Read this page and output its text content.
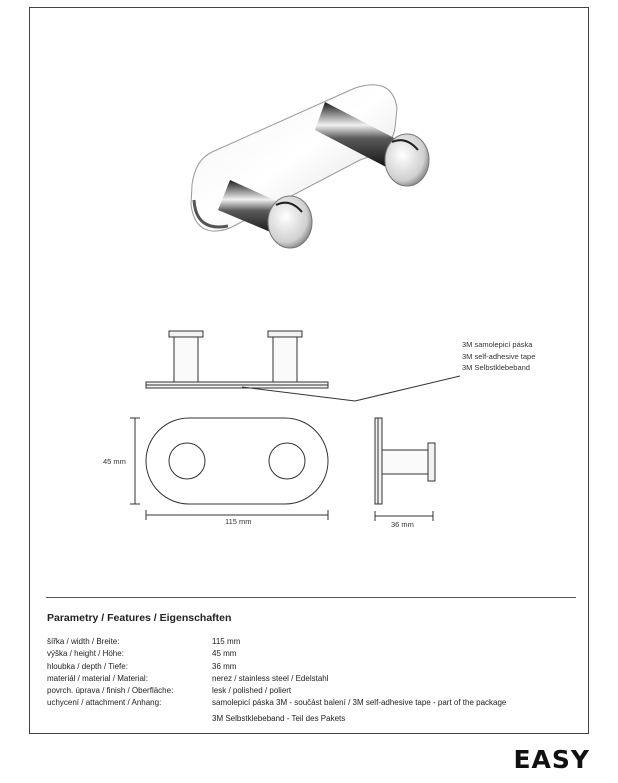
45 mm
115 mm	36 mm
3M samolepicí páska
3M self-adhesive tape
3M Selbstklebeband
Parametry / Features / Eigenschaften
šířka / width / Breite:	115 mm
výška / height / Höhe:	45 mm
hloubka / depth / Tiefe:	36 mm
materiál / material / Material:	nerez / stainless steel / Edelstahl
povrch. úprava / finish / Oberfläche:	lesk / polished / poliert
uchycení / attachment / Anhang:	samolepicí páska 3M - součást balení / 3M self-adhesive tape - part of the package
3M Selbstklebeband - Teil des Pakets
EASY
